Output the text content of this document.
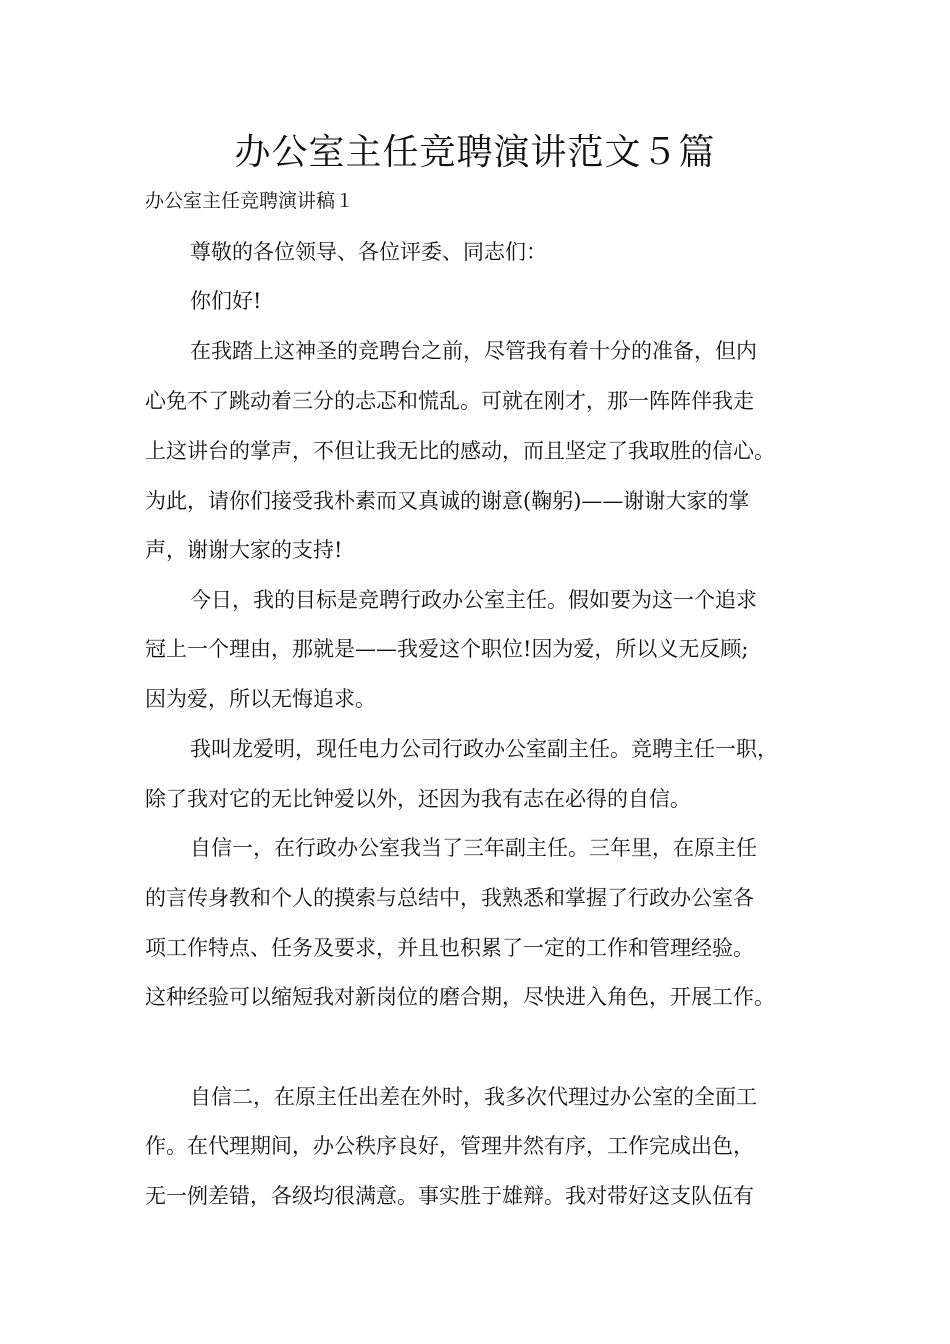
办公室主任竞聘演讲范文５篇

办公室主任竞聘演讲稿１

尊敬的各位领导、各位评委、同志们：

你们好!

在我踏上这神圣的竞聘台之前，尽管我有着十分的准备，但内

心免不了跳动着三分的忐忑和慌乱。可就在刚才，那一阵阵伴我走

上这讲台的掌声，不但让我无比的感动，而且坚定了我取胜的信心。

为此，请你们接受我朴素而又真诚的谢意(鞠躬)——谢谢大家的掌

声，谢谢大家的支持!

今日，我的目标是竞聘行政办公室主任。假如要为这一个追求

冠上一个理由，那就是——我爱这个职位!因为爱，所以义无反顾;

因为爱，所以无悔追求。

我叫龙爱明，现任电力公司行政办公室副主任。竞聘主任一职，

除了我对它的无比钟爱以外，还因为我有志在必得的自信。

自信一，在行政办公室我当了三年副主任。三年里，在原主任

的言传身教和个人的摸索与总结中，我熟悉和掌握了行政办公室各

项工作特点、任务及要求，并且也积累了一定的工作和管理经验。

这种经验可以缩短我对新岗位的磨合期，尽快进入角色，开展工作。

自信二，在原主任出差在外时，我多次代理过办公室的全面工

作。在代理期间，办公秩序良好，管理井然有序，工作完成出色，

无一例差错，各级均很满意。事实胜于雄辩。我对带好这支队伍有
